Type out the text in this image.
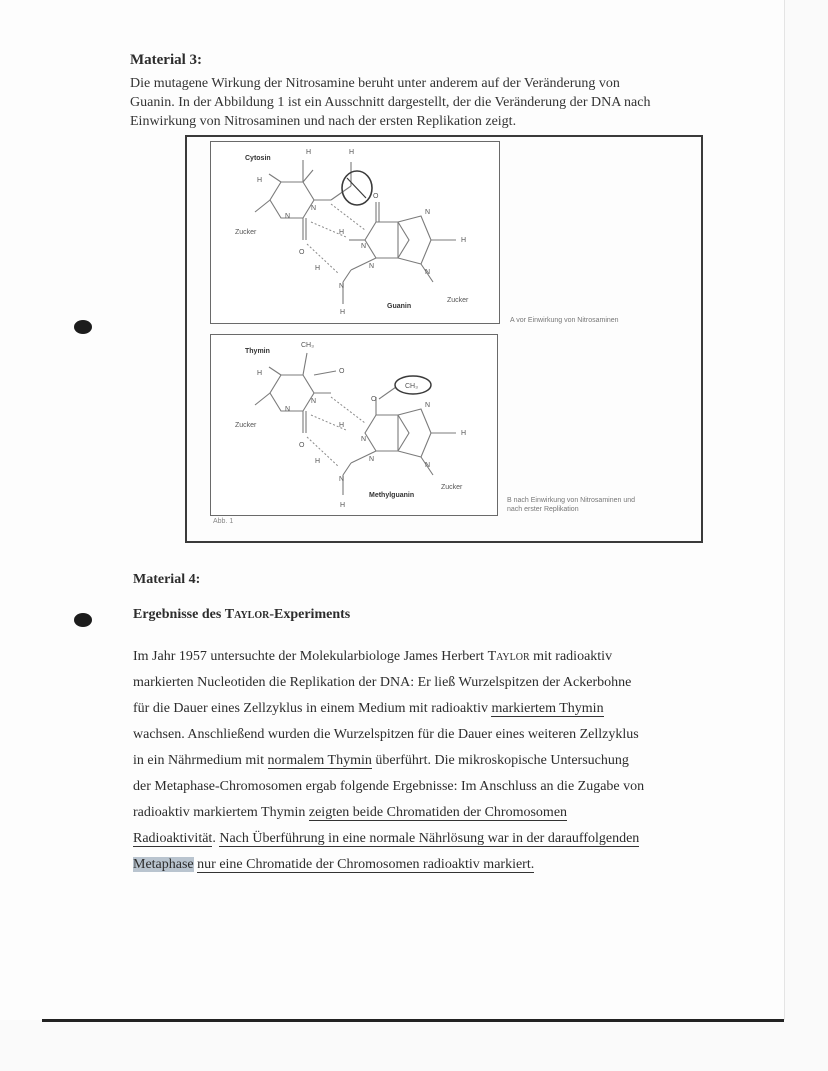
Material 3:

Die mutagene Wirkung der Nitrosamine beruht unter anderem auf der Veränderung von
Guanin. In der Abbildung 1 ist ein Ausschnitt dargestellt, der die Veränderung der DNA nach
Einwirkung von Nitrosaminen und nach der ersten Replikation zeigt.

H	H
H
N
N
H
O
H
O
N
N
N
N
H
N
H
Cytosin
Zucker
Guanin
Zucker
CH₃
CH₃
O
H
N
N
H
O
H
O
N
N
N
N
H
N
H
Thymin
Zucker
Methylguanin
Zucker

A vor Einwirkung von Nitrosaminen

B nach Einwirkung von Nitrosaminen und
nach erster Replikation

Abb. 1
Material 4:
Ergebnisse des Taylor-Experiments
Im Jahr 1957 untersuchte der Molekularbiologe James Herbert Taylor mit radioaktiv
markierten Nucleotiden die Replikation der DNA: Er ließ Wurzelspitzen der Ackerbohne
für die Dauer eines Zellzyklus in einem Medium mit radioaktiv markiertem Thymin
wachsen. Anschließend wurden die Wurzelspitzen für die Dauer eines weiteren Zellzyklus
in ein Nährmedium mit normalem Thymin überführt. Die mikroskopische Untersuchung
der Metaphase-Chromosomen ergab folgende Ergebnisse: Im Anschluss an die Zugabe von
radioaktiv markiertem Thymin zeigten beide Chromatiden der Chromosomen
Radioaktivität. Nach Überführung in eine normale Nährlösung war in der darauffolgenden
Metaphase nur eine Chromatide der Chromosomen radioaktiv markiert.
